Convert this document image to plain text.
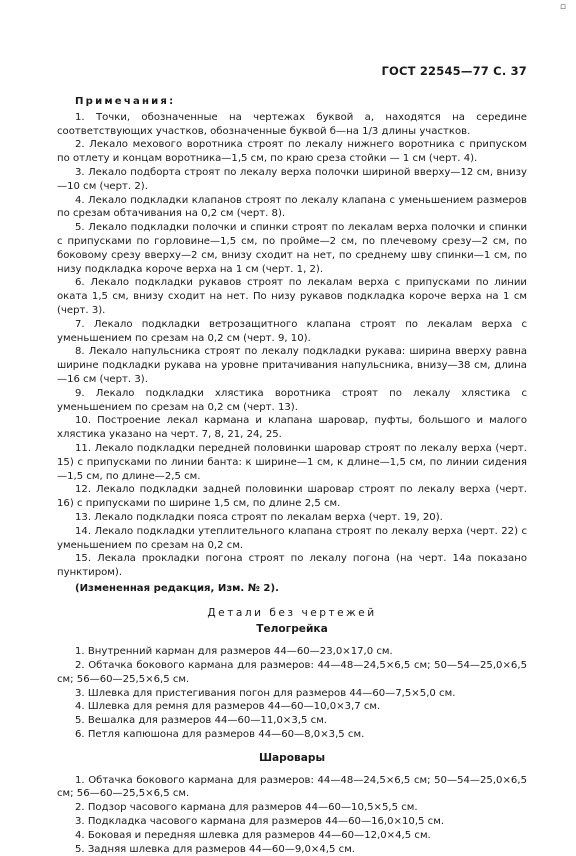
▫
ГОСТ 22545—77 С. 37

Примечания:

1. Точки, обозначенные на чертежах буквой а, находятся на середине соответствующих участков, обозначенные буквой б—на 1/3 длины участков.

2. Лекало мехового воротника строят по лекалу нижнего воротника с припуском по отлету и концам воротника—1,5 см, по краю среза стойки — 1 см (черт. 4).

3. Лекало подборта строят по лекалу верха полочки шириной вверху—12 см, внизу—10 см (черт. 2).

4. Лекало подкладки клапанов строят по лекалу клапана с уменьшением размеров по срезам обтачивания на 0,2 см (черт. 8).

5. Лекало подкладки полочки и спинки строят по лекалам верха полочки и спинки с припусками по горловине—1,5 см, по пройме—2 см, по плечевому срезу—2 см, по боковому срезу вверху—2 см, внизу сходит на нет, по среднему шву спинки—1 см, по низу подкладка короче верха на 1 см (черт. 1, 2).

6. Лекало подкладки рукавов строят по лекалам верха с припусками по линии оката 1,5 см, внизу сходит на нет. По низу рукавов подкладка короче верха на 1 см (черт. 3).

7. Лекало подкладки ветрозащитного клапана строят по лекалам верха с уменьшением по срезам на 0,2 см (черт. 9, 10).

8. Лекало напульсника строят по лекалу подкладки рукава: ширина вверху равна ширине подкладки рукава на уровне притачивания напульсника, внизу—38 см, длина—16 см (черт. 3).

9. Лекало подкладки хлястика воротника строят по лекалу хлястика с уменьшением по срезам на 0,2 см (черт. 13).

10. Построение лекал кармана и клапана шаровар, пуфты, большого и малого хлястика указано на черт. 7, 8, 21, 24, 25.

11. Лекало подкладки передней половинки шаровар строят по лекалу верха (черт. 15) с припусками по линии банта: к ширине—1 см, к длине—1,5 см, по линии сидения—1,5 см, по длине—2,5 см.

12. Лекало подкладки задней половинки шаровар строят по лекалу верха (черт. 16) с припусками по ширине 1,5 см, по длине 2,5 см.

13. Лекало подкладки пояса строят по лекалам верха (черт. 19, 20).

14. Лекало подкладки утеплительного клапана строят по лекалу верха (черт. 22) с уменьшением по срезам на 0,2 см.

15. Лекала прокладки погона строят по лекалу погона (на черт. 14а показано пунктиром).

(Измененная редакция, Изм. № 2).

Детали без чертежей
Телогрейка

1. Внутренний карман для размеров 44—60—23,0×17,0 см.

2. Обтачка бокового кармана для размеров: 44—48—24,5×6,5 см; 50—54—25,0×6,5 см; 56—60—25,5×6,5 см.

3. Шлевка для пристегивания погон для размеров 44—60—7,5×5,0 см.

4. Шлевка для ремня для размеров 44—60—10,0×3,7 см.

5. Вешалка для размеров 44—60—11,0×3,5 см.

6. Петля капюшона для размеров 44—60—8,0×3,5 см.

Шаровары

1. Обтачка бокового кармана для размеров: 44—48—24,5×6,5 см; 50—54—25,0×6,5 см; 56—60—25,5×6,5 см.

2. Подзор часового кармана для размеров 44—60—10,5×5,5 см.

3. Подкладка часового кармана для размеров 44—60—16,0×10,5 см.

4. Боковая и передняя шлевка для размеров 44—60—12,0×4,5 см.

5. Задняя шлевка для размеров 44—60—9,0×4,5 см.
